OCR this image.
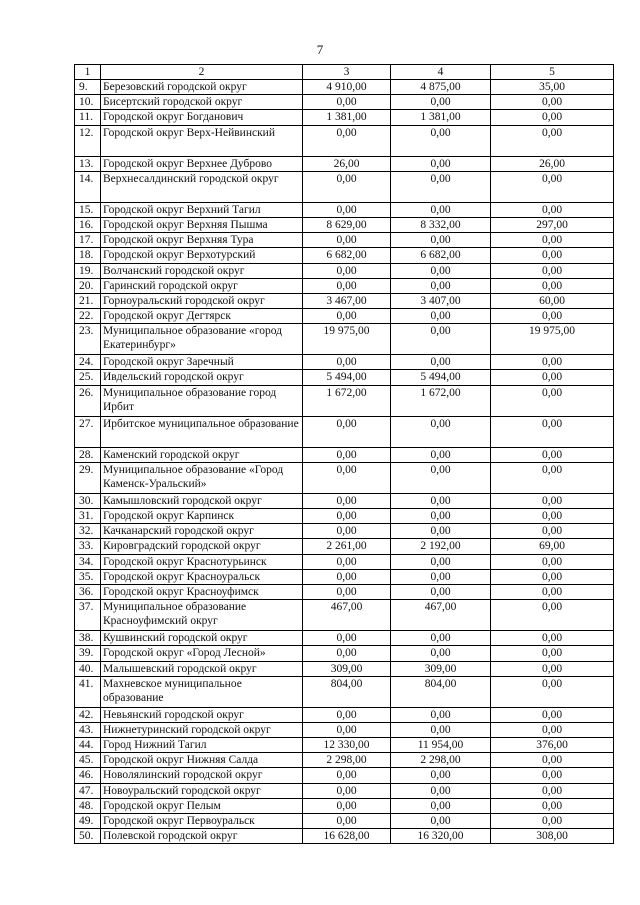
7
1	2	3	4	5
9.	Березовский городской округ	4 910,00	4 875,00	35,00
10.	Бисертский городской округ	0,00	0,00	0,00
11.	Городской округ Богданович	1 381,00	1 381,00	0,00
12.	Городской округ Верх-Нейвинский	0,00	0,00	0,00
13.	Городской округ Верхнее Дуброво	26,00	0,00	26,00
14.	Верхнесалдинский городской округ	0,00	0,00	0,00
15.	Городской округ Верхний Тагил	0,00	0,00	0,00
16.	Городской округ Верхняя Пышма	8 629,00	8 332,00	297,00
17.	Городской округ Верхняя Тура	0,00	0,00	0,00
18.	Городской округ Верхотурский	6 682,00	6 682,00	0,00
19.	Волчанский городской округ	0,00	0,00	0,00
20.	Гаринский городской округ	0,00	0,00	0,00
21.	Горноуральский городской округ	3 467,00	3 407,00	60,00
22.	Городской округ Дегтярск	0,00	0,00	0,00
23.	Муниципальное образование «город Екатеринбург»	19 975,00	0,00	19 975,00
24.	Городской округ Заречный	0,00	0,00	0,00
25.	Ивдельский городской округ	5 494,00	5 494,00	0,00
26.	Муниципальное образование город Ирбит	1 672,00	1 672,00	0,00
27.	Ирбитское муниципальное образование	0,00	0,00	0,00
28.	Каменский городской округ	0,00	0,00	0,00
29.	Муниципальное образование «Город Каменск-Уральский»	0,00	0,00	0,00
30.	Камышловский городской округ	0,00	0,00	0,00
31.	Городской округ Карпинск	0,00	0,00	0,00
32.	Качканарский городской округ	0,00	0,00	0,00
33.	Кировградский городской округ	2 261,00	2 192,00	69,00
34.	Городской округ Краснотурьинск	0,00	0,00	0,00
35.	Городской округ Красноуральск	0,00	0,00	0,00
36.	Городской округ Красноуфимск	0,00	0,00	0,00
37.	Муниципальное образование Красноуфимский округ	467,00	467,00	0,00
38.	Кушвинский городской округ	0,00	0,00	0,00
39.	Городской округ «Город Лесной»	0,00	0,00	0,00
40.	Малышевский городской округ	309,00	309,00	0,00
41.	Махневское муниципальное образование	804,00	804,00	0,00
42.	Невьянский городской округ	0,00	0,00	0,00
43.	Нижнетуринский городской округ	0,00	0,00	0,00
44.	Город Нижний Тагил	12 330,00	11 954,00	376,00
45.	Городской округ Нижняя Салда	2 298,00	2 298,00	0,00
46.	Новолялинский городской округ	0,00	0,00	0,00
47.	Новоуральский городской округ	0,00	0,00	0,00
48.	Городской округ Пелым	0,00	0,00	0,00
49.	Городской округ Первоуральск	0,00	0,00	0,00
50.	Полевской городской округ	16 628,00	16 320,00	308,00
